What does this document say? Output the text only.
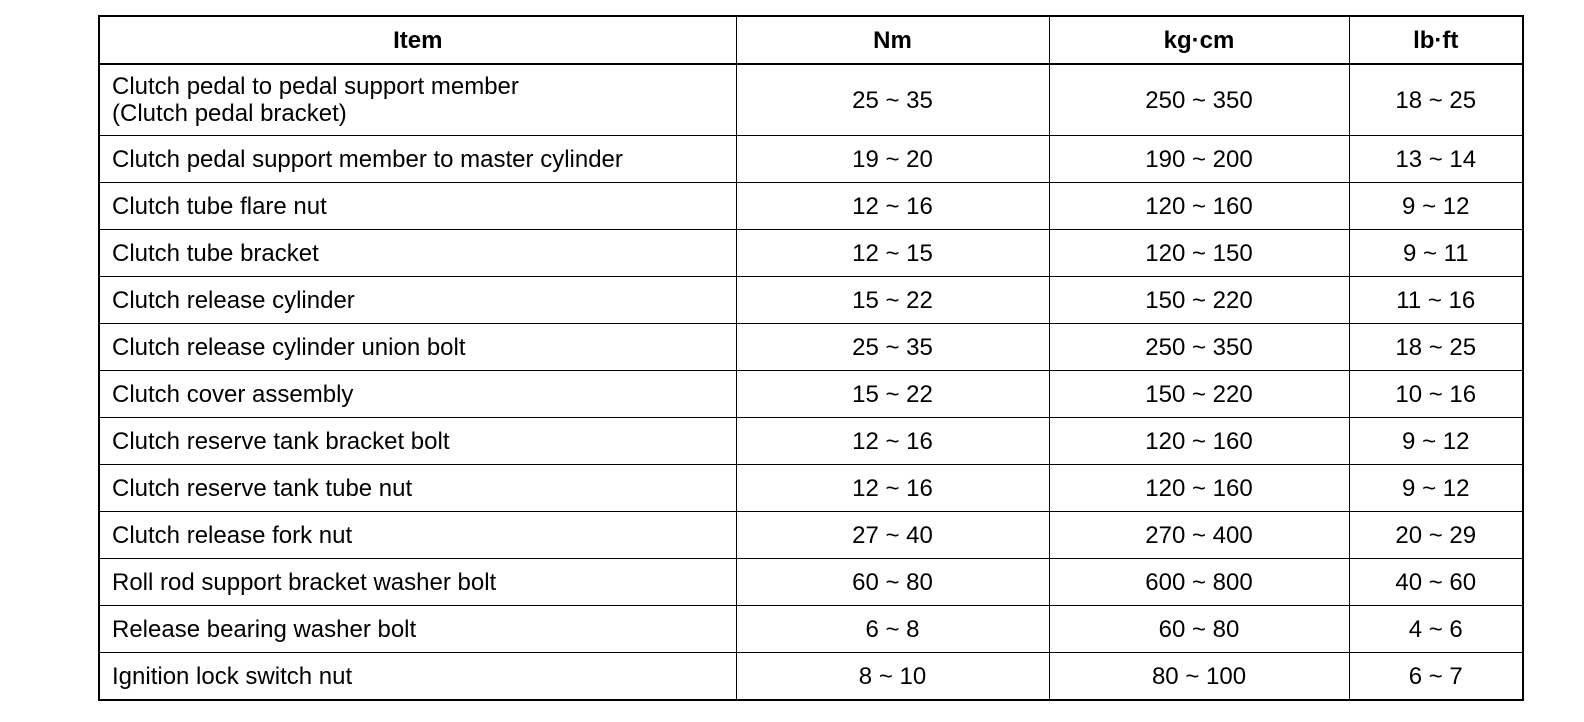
Item	Nm	kg·cm	lb·ft

Clutch pedal to pedal support member
(Clutch pedal bracket)	25 ~ 35	250 ~ 350	18 ~ 25
Clutch pedal support member to master cylinder	19 ~ 20	190 ~ 200	13 ~ 14
Clutch tube flare nut	12 ~ 16	120 ~ 160	9 ~ 12
Clutch tube bracket	12 ~ 15	120 ~ 150	9 ~ 11
Clutch release cylinder	15 ~ 22	150 ~ 220	11 ~ 16
Clutch release cylinder union bolt	25 ~ 35	250 ~ 350	18 ~ 25
Clutch cover assembly	15 ~ 22	150 ~ 220	10 ~ 16
Clutch reserve tank bracket bolt	12 ~ 16	120 ~ 160	9 ~ 12
Clutch reserve tank tube nut	12 ~ 16	120 ~ 160	9 ~ 12
Clutch release fork nut	27 ~ 40	270 ~ 400	20 ~ 29
Roll rod support bracket washer bolt	60 ~ 80	600 ~ 800	40 ~ 60
Release bearing washer bolt	6 ~ 8	60 ~ 80	4 ~ 6
Ignition lock switch nut	8 ~ 10	80 ~ 100	6 ~ 7
